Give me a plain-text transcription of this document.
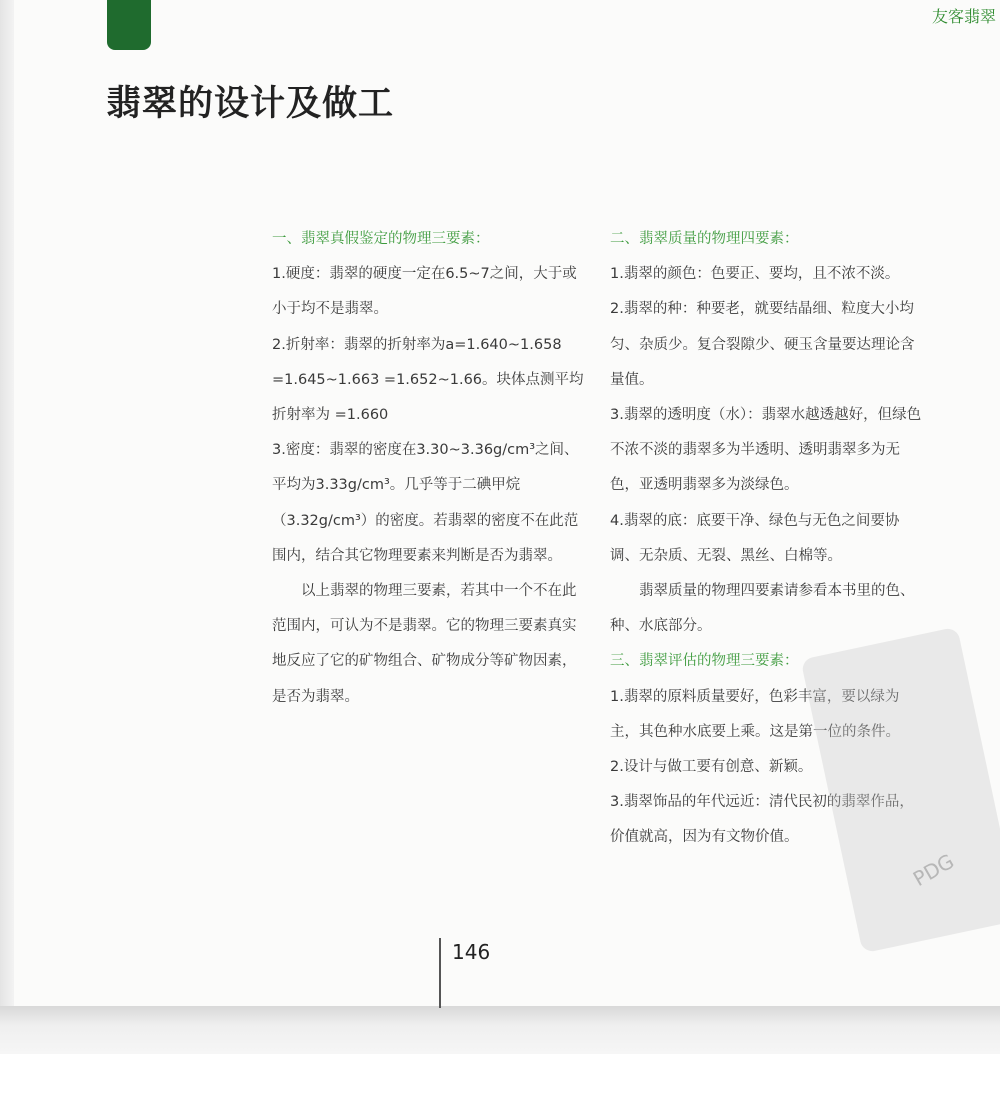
友客翡翠
翡翠的设计及做工

一、翡翠真假鉴定的物理三要素：

1.硬度：翡翠的硬度一定在6.5~7之间，大于或小于均不是翡翠。

2.折射率：翡翠的折射率为a=1.640~1.658 =1.645~1.663 =1.652~1.66。块体点测平均折射率为 =1.660

3.密度：翡翠的密度在3.30~3.36g/cm³之间、平均为3.33g/cm³。几乎等于二碘甲烷（3.32g/cm³）的密度。若翡翠的密度不在此范围内，结合其它物理要素来判断是否为翡翠。

以上翡翠的物理三要素，若其中一个不在此范围内，可认为不是翡翠。它的物理三要素真实地反应了它的矿物组合、矿物成分等矿物因素，是否为翡翠。

二、翡翠质量的物理四要素：

1.翡翠的颜色：色要正、要均，且不浓不淡。

2.翡翠的种：种要老，就要结晶细、粒度大小均匀、杂质少。复合裂隙少、硬玉含量要达理论含量值。

3.翡翠的透明度（水）：翡翠水越透越好，但绿色不浓不淡的翡翠多为半透明、透明翡翠多为无色，亚透明翡翠多为淡绿色。

4.翡翠的底：底要干净、绿色与无色之间要协调、无杂质、无裂、黑丝、白棉等。

翡翠质量的物理四要素请参看本书里的色、种、水底部分。

三、翡翠评估的物理三要素：

1.翡翠的原料质量要好，色彩丰富，要以绿为主，其色种水底要上乘。这是第一位的条件。

2.设计与做工要有创意、新颖。

3.翡翠饰品的年代远近：清代民初的翡翠作品，价值就高，因为有文物价值。

PDG
146
